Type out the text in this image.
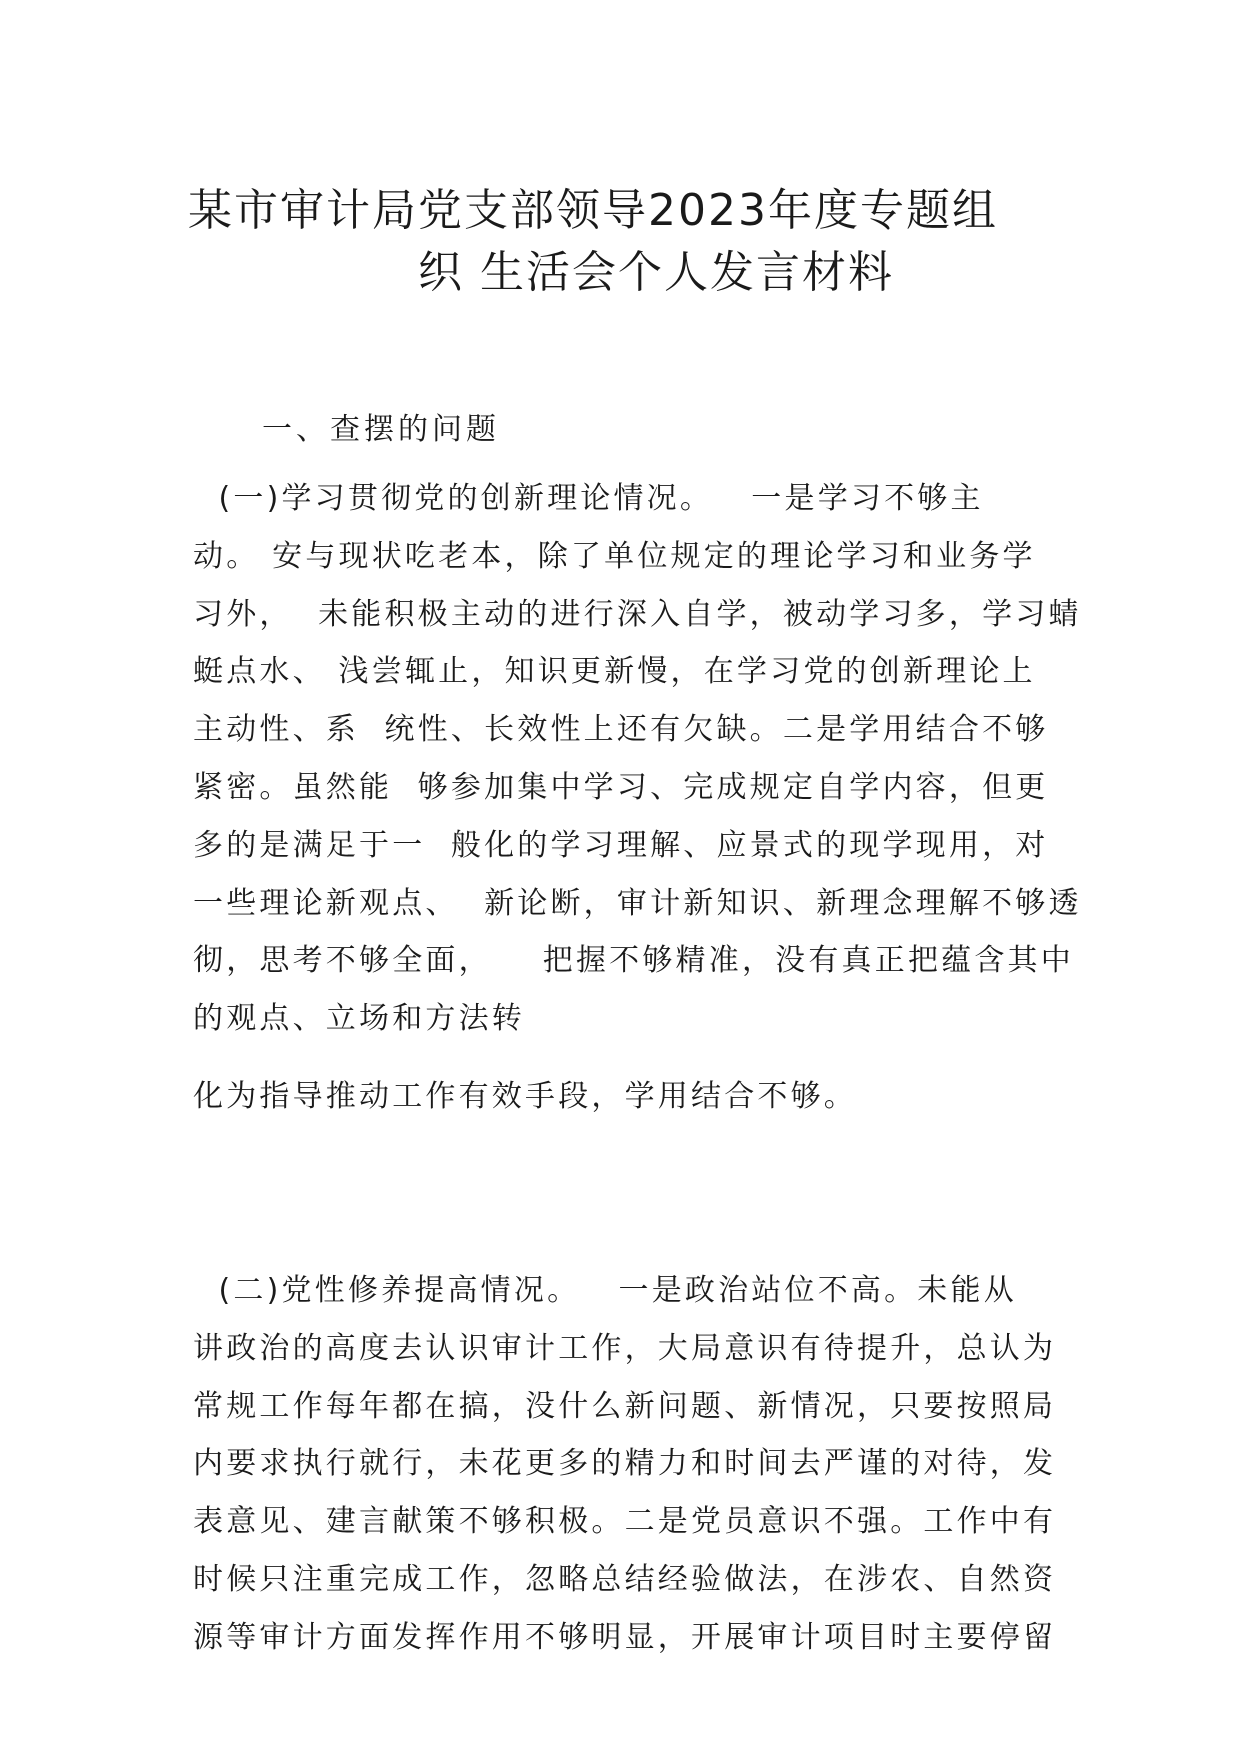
某市审计局党支部领导2023年度专题组
织 生活会个人发言材料
一、查摆的问题
(一)学习贯彻党的创新理论情况。   一是学习不够主
动。 安与现状吃老本，除了单位规定的理论学习和业务学
习外，  未能积极主动的进行深入自学，被动学习多，学习蜻
蜓点水、 浅尝辄止，知识更新慢，在学习党的创新理论上
主动性、系  统性、长效性上还有欠缺。二是学用结合不够
紧密。虽然能  够参加集中学习、完成规定自学内容，但更
多的是满足于一  般化的学习理解、应景式的现学现用，对
一些理论新观点、  新论断，审计新知识、新理念理解不够透
彻，思考不够全面，    把握不够精准，没有真正把蕴含其中
的观点、立场和方法转
化为指导推动工作有效手段，学用结合不够。
(二)党性修养提高情况。   一是政治站位不高。未能从
讲政治的高度去认识审计工作，大局意识有待提升，总认为
常规工作每年都在搞，没什么新问题、新情况，只要按照局
内要求执行就行，未花更多的精力和时间去严谨的对待，发
表意见、建言献策不够积极。二是党员意识不强。工作中有
时候只注重完成工作，忽略总结经验做法，在涉农、自然资
源等审计方面发挥作用不够明显，开展审计项目时主要停留
